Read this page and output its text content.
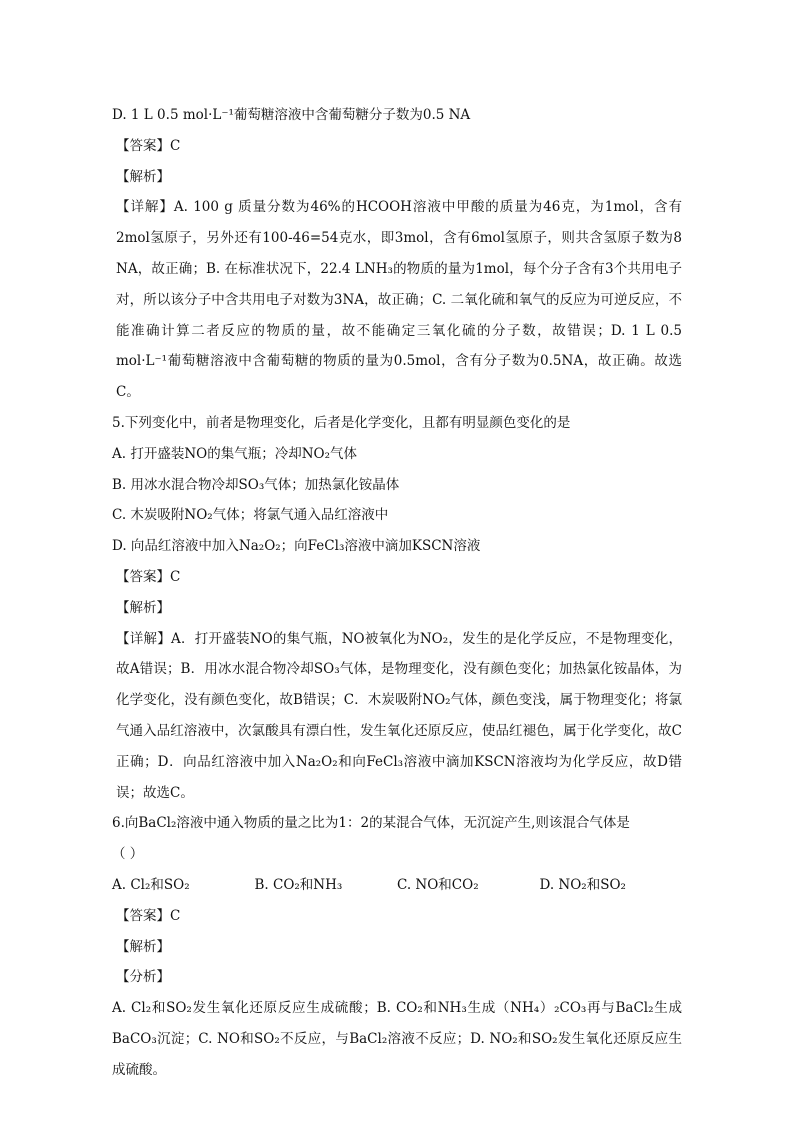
D. 1 L 0.5 mol·L⁻¹葡萄糖溶液中含葡萄糖分子数为0.5 NA
【答案】C
【解析】

【详解】A. 100 g 质量分数为46%的HCOOH溶液中甲酸的质量为46克，为1mol，含有2mol氢原子，另外还有100-46=54克水，即3mol，含有6mol氢原子，则共含氢原子数为8 NA，故正确；B. 在标准状况下，22.4 LNH₃的物质的量为1mol，每个分子含有3个共用电子对，所以该分子中含共用电子对数为3NA，故正确；C. 二氧化硫和氧气的反应为可逆反应，不能准确计算二者反应的物质的量，故不能确定三氧化硫的分子数，故错误；D. 1 L 0.5 mol·L⁻¹葡萄糖溶液中含葡萄糖的物质的量为0.5mol，含有分子数为0.5NA，故正确。故选C。

5.下列变化中，前者是物理变化，后者是化学变化，且都有明显颜色变化的是
A. 打开盛装NO的集气瓶；冷却NO₂气体
B. 用冰水混合物冷却SO₃气体；加热氯化铵晶体
C. 木炭吸附NO₂气体；将氯气通入品红溶液中
D. 向品红溶液中加入Na₂O₂；向FeCl₃溶液中滴加KSCN溶液
【答案】C
【解析】

【详解】A．打开盛装NO的集气瓶，NO被氧化为NO₂，发生的是化学反应，不是物理变化，故A错误；B．用冰水混合物冷却SO₃气体，是物理变化，没有颜色变化；加热氯化铵晶体，为化学变化，没有颜色变化，故B错误；C．木炭吸附NO₂气体，颜色变浅，属于物理变化；将氯气通入品红溶液中，次氯酸具有漂白性，发生氧化还原反应，使品红褪色，属于化学变化，故C正确；D．向品红溶液中加入Na₂O₂和向FeCl₃溶液中滴加KSCN溶液均为化学反应，故D错误；故选C。

6.向BaCl₂溶液中通入物质的量之比为1：2的某混合气体，无沉淀产生,则该混合气体是
（ ）
A. Cl₂和SO₂	B. CO₂和NH₃	C. NO和CO₂	D. NO₂和SO₂
【答案】C
【解析】
【分析】

A. Cl₂和SO₂发生氧化还原反应生成硫酸；B. CO₂和NH₃生成（NH₄）₂CO₃再与BaCl₂生成BaCO₃沉淀；C. NO和SO₂不反应，与BaCl₂溶液不反应；D. NO₂和SO₂发生氧化还原反应生成硫酸。
